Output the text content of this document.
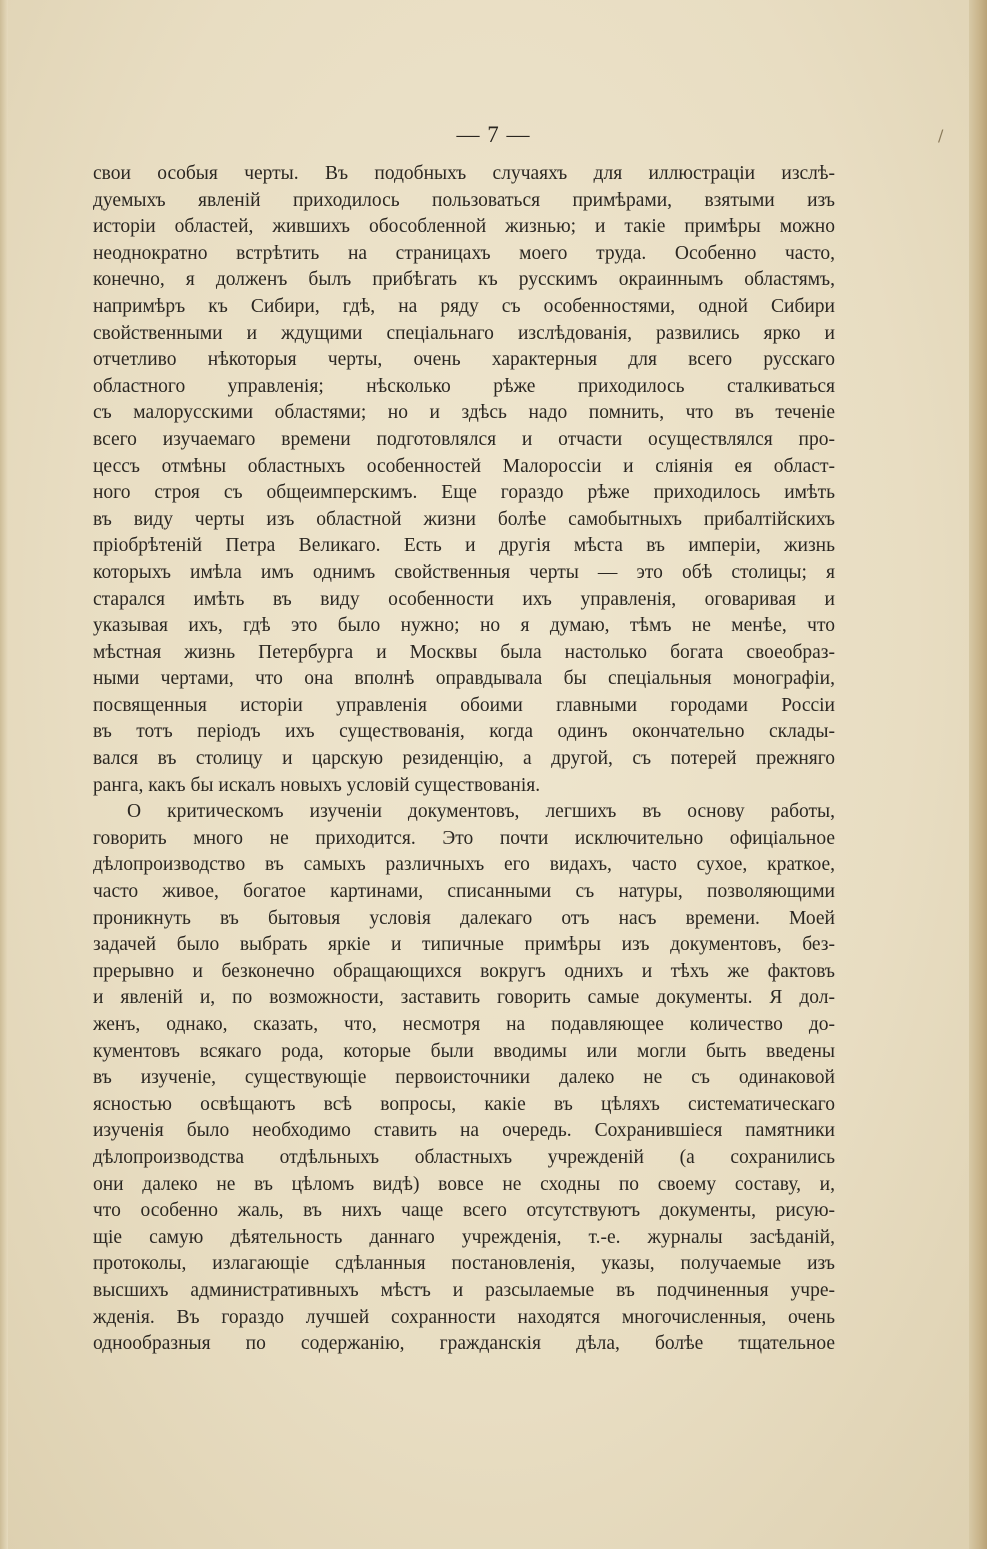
— 7 —	/
свои особыя черты. Въ подобныхъ случаяхъ для иллюстраціи изслѣ-
дуемыхъ явленій приходилось пользоваться примѣрами, взятыми изъ
исторіи областей, жившихъ обособленной жизнью; и такіе примѣры можно
неоднократно встрѣтить на страницахъ моего труда. Особенно часто,
конечно, я долженъ былъ прибѣгать къ русскимъ окраиннымъ областямъ,
напримѣръ къ Сибири, гдѣ, на ряду съ особенностями, одной Сибири
свойственными и ждущими спеціальнаго изслѣдованія, развились ярко и
отчетливо нѣкоторыя черты, очень характерныя для всего русскаго
областного управленія; нѣсколько рѣже приходилось сталкиваться
съ малорусскими областями; но и здѣсь надо помнить, что въ теченіе
всего изучаемаго времени подготовлялся и отчасти осуществлялся про-
цессъ отмѣны областныхъ особенностей Малороссіи и сліянія ея област-
ного строя съ общеимперскимъ. Еще гораздо рѣже приходилось имѣть
въ виду черты изъ областной жизни болѣе самобытныхъ прибалтійскихъ
пріобрѣтеній Петра Великаго. Есть и другія мѣста въ имперіи, жизнь
которыхъ имѣла имъ однимъ свойственныя черты — это обѣ столицы; я
старался имѣть въ виду особенности ихъ управленія, оговаривая и
указывая ихъ, гдѣ это было нужно; но я думаю, тѣмъ не менѣе, что
мѣстная жизнь Петербурга и Москвы была настолько богата своеобраз-
ными чертами, что она вполнѣ оправдывала бы спеціальныя монографіи,
посвященныя исторіи управленія обоими главными городами Россіи
въ тотъ періодъ ихъ существованія, когда одинъ окончательно склады-
вался въ столицу и царскую резиденцію, а другой, съ потерей прежняго
ранга, какъ бы искалъ новыхъ условій существованія.
О критическомъ изученіи документовъ, легшихъ въ основу работы,
говорить много не приходится. Это почти исключительно офиціальное
дѣлопроизводство въ самыхъ различныхъ его видахъ, часто сухое, краткое,
часто живое, богатое картинами, списанными съ натуры, позволяющими
проникнуть въ бытовыя условія далекаго отъ насъ времени. Моей
задачей было выбрать яркіе и типичные примѣры изъ документовъ, без-
прерывно и безконечно обращающихся вокругъ однихъ и тѣхъ же фактовъ
и явленій и, по возможности, заставить говорить самые документы. Я дол-
женъ, однако, сказать, что, несмотря на подавляющее количество до-
кументовъ всякаго рода, которые были вводимы или могли быть введены
въ изученіе, существующіе первоисточники далеко не съ одинаковой
ясностью освѣщаютъ всѣ вопросы, какіе въ цѣляхъ систематическаго
изученія было необходимо ставить на очередь. Сохранившіеся памятники
дѣлопроизводства отдѣльныхъ областныхъ учрежденій (а сохранились
они далеко не въ цѣломъ видѣ) вовсе не сходны по своему составу, и,
что особенно жаль, въ нихъ чаще всего отсутствуютъ документы, рисую-
щіе самую дѣятельность даннаго учрежденія, т.-е. журналы засѣданій,
протоколы, излагающіе сдѣланныя постановленія, указы, получаемые изъ
высшихъ административныхъ мѣстъ и разсылаемые въ подчиненныя учре-
жденія. Въ гораздо лучшей сохранности находятся многочисленныя, очень
однообразныя по содержанію, гражданскія дѣла, болѣе тщательное
